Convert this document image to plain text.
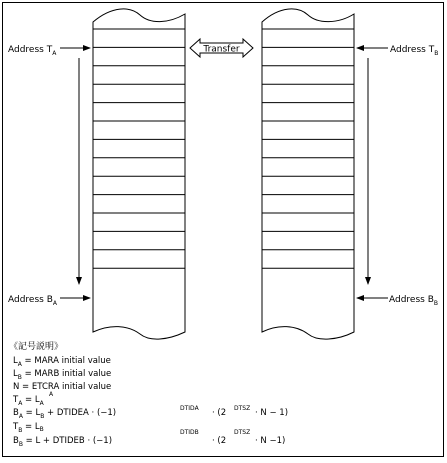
Transfer
Address $T_A$
Address $B_A$
Address $T_B$
Address $B_B$
《記号説明》
$L_A$ = MARA initial value
$L_B$ = MARB initial value
N = ETCRA initial value
$T_A = L_AA$
$B_A = L_B$ + DTIDEA · (−1)	DTIDA · (2 DTSZ · N − 1)
$T_B = L_B$
$B_B = L$ + DTIDEB · (−1)DTIDB· (2DTSZ· N −1)
